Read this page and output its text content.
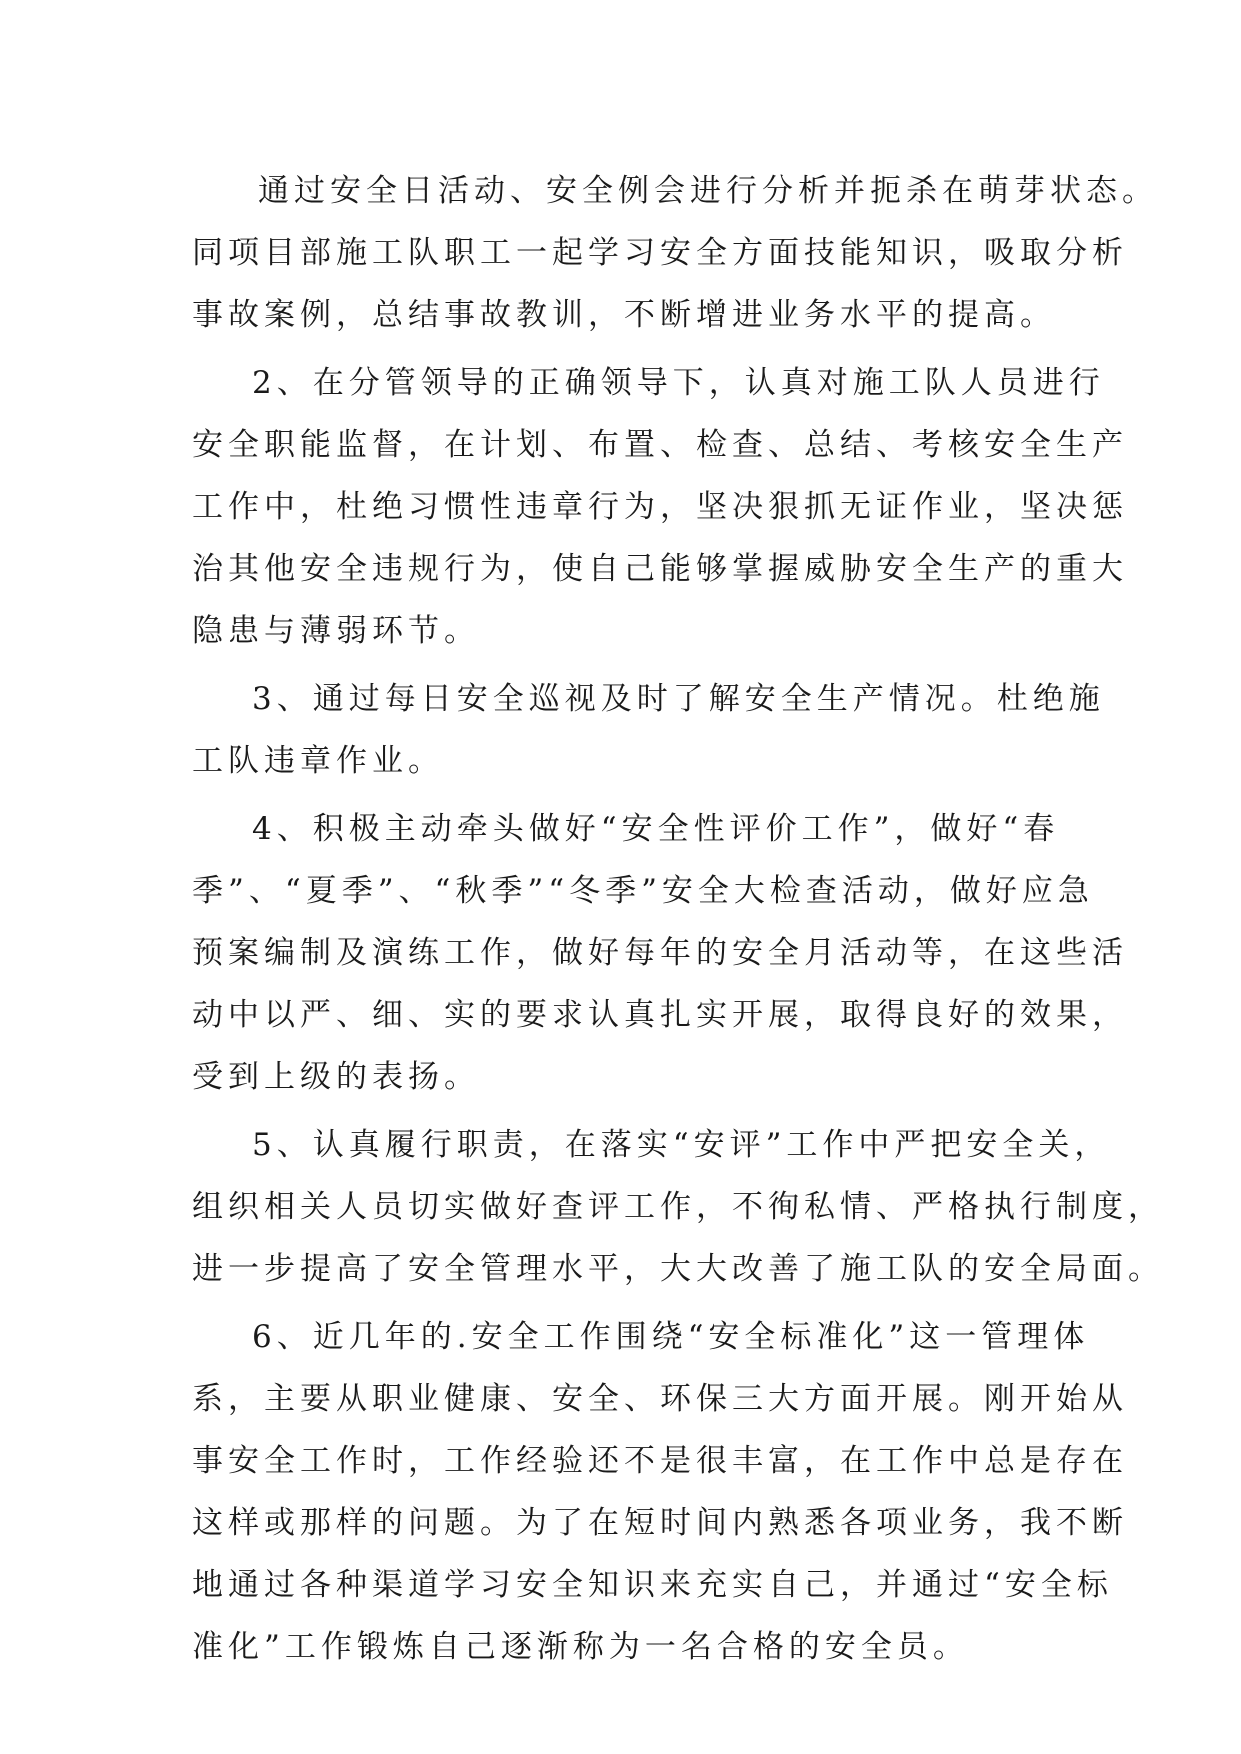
通过安全日活动、安全例会进行分析并扼杀在萌芽状态。
同项目部施工队职工一起学习安全方面技能知识，吸取分析
事故案例，总结事故教训，不断增进业务水平的提高。
2、在分管领导的正确领导下，认真对施工队人员进行
安全职能监督，在计划、布置、检查、总结、考核安全生产
工作中，杜绝习惯性违章行为，坚决狠抓无证作业，坚决惩
治其他安全违规行为，使自己能够掌握威胁安全生产的重大
隐患与薄弱环节。
3、通过每日安全巡视及时了解安全生产情况。杜绝施
工队违章作业。
4、积极主动牵头做好“安全性评价工作”，做好“春
季”、“夏季”、“秋季”“冬季”安全大检查活动，做好应急
预案编制及演练工作，做好每年的安全月活动等，在这些活
动中以严、细、实的要求认真扎实开展，取得良好的效果，
受到上级的表扬。
5、认真履行职责，在落实“安评”工作中严把安全关，
组织相关人员切实做好查评工作，不徇私情、严格执行制度，
进一步提高了安全管理水平，大大改善了施工队的安全局面。
6、近几年的.安全工作围绕“安全标准化”这一管理体
系，主要从职业健康、安全、环保三大方面开展。刚开始从
事安全工作时，工作经验还不是很丰富，在工作中总是存在
这样或那样的问题。为了在短时间内熟悉各项业务，我不断
地通过各种渠道学习安全知识来充实自己，并通过“安全标
准化”工作锻炼自己逐渐称为一名合格的安全员。
